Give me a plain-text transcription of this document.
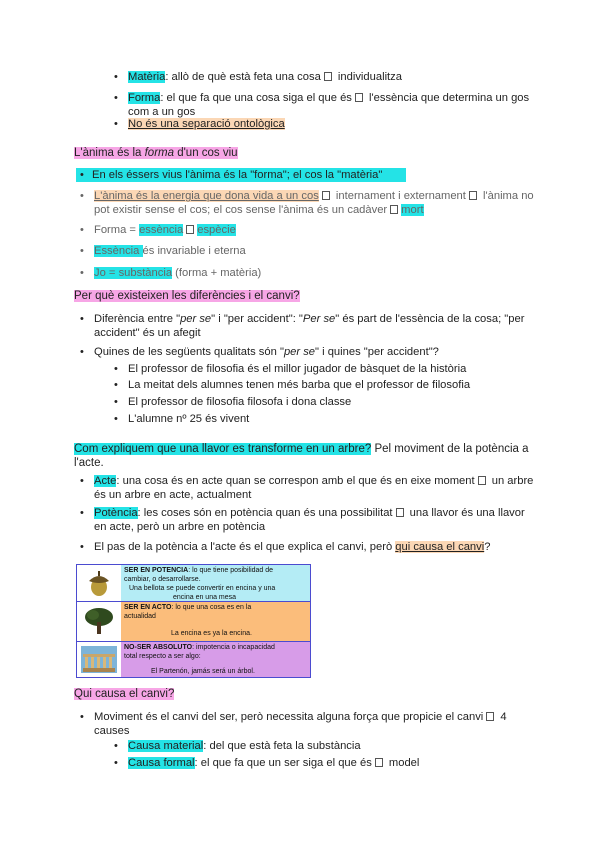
• Matèria: allò de què està feta una cosa individualitza
• Forma: el que fa que una cosa siga el que és l'essència que determina un gos
com a un gos
• No és una separació ontològica
L'ànima és la forma d'un cos viu
• En els éssers vius l'ànima és la "forma"; el cos la "matèria"
• L'ànima és la energia que dona vida a un cos internament i externament l'ànima no
pot existir sense el cos; el cos sense l'ànima és un cadàver mort
• Forma = essència espècie
• Essència és invariable i eterna
• Jo = substància (forma + matèria)
Per què existeixen les diferències i el canvi?
• Diferència entre "per se" i "per accident": "Per se" és part de l'essència de la cosa; "per
accident" és un afegit
• Quines de les següents qualitats són "per se" i quines "per accident"?
• El professor de filosofia és el millor jugador de bàsquet de la història
• La meitat dels alumnes tenen més barba que el professor de filosofia
• El professor de filosofia filosofa i dona classe
• L'alumne nº 25 és vivent
Com expliquem que una llavor es transforme en un arbre? Pel moviment de la potència a
l'acte.
• Acte: una cosa és en acte quan se correspon amb el que és en eixe moment un arbre
és un arbre en acte, actualment
• Potència: les coses són en potència quan és una possibilitat una llavor és una llavor
en acte, però un arbre en potència
• El pas de la potència a l'acte és el que explica el canvi, però qui causa el canvi?
SER EN POTENCIA: lo que tiene posibilidad de
cambiar, o desarrollarse.
Una bellota se puede convertir en encina y una
encina en una mesa
SER EN ACTO: lo que una cosa es en la
actualidad
La encina es ya la encina.
NO-SER ABSOLUTO: impotencia o incapacidad
total respecto a ser algo:
El Partenón, jamás será un árbol.
Qui causa el canvi?
• Moviment és el canvi del ser, però necessita alguna força que propicie el canvi 4
causes
• Causa material: del que està feta la substància
• Causa formal: el que fa que un ser siga el que és model
